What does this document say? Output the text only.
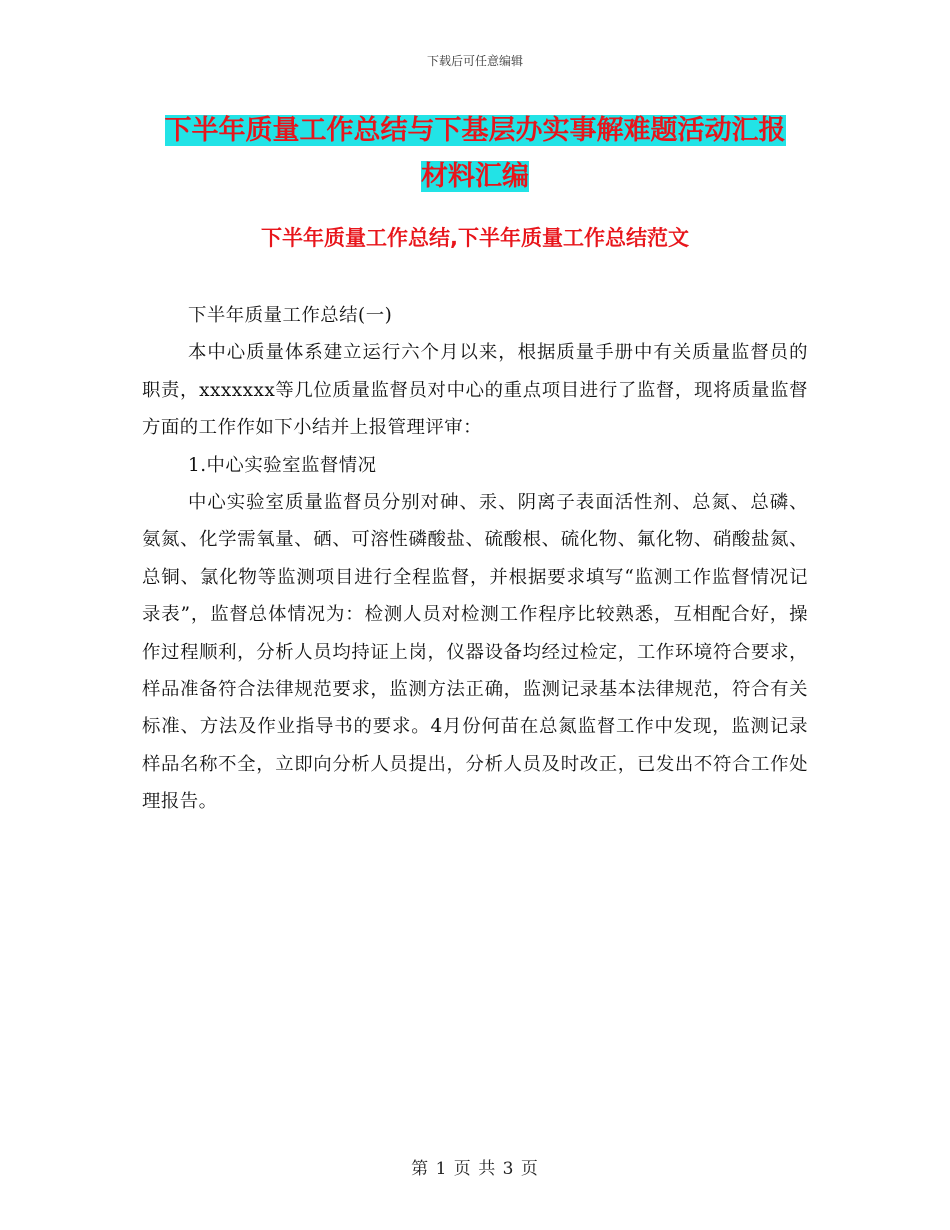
下载后可任意编辑
下半年质量工作总结与下基层办实事解难题活动汇报
材料汇编
下半年质量工作总结,下半年质量工作总结范文

下半年质量工作总结(一)

本中心质量体系建立运行六个月以来，根据质量手册中有关质量监督员的职责，xxxxxxx等几位质量监督员对中心的重点项目进行了监督，现将质量监督方面的工作作如下小结并上报管理评审：

1.中心实验室监督情况

中心实验室质量监督员分别对砷、汞、阴离子表面活性剂、总氮、总磷、氨氮、化学需氧量、硒、可溶性磷酸盐、硫酸根、硫化物、氟化物、硝酸盐氮、总铜、氯化物等监测项目进行全程监督，并根据要求填写“监测工作监督情况记录表”，监督总体情况为：检测人员对检测工作程序比较熟悉，互相配合好，操作过程顺利，分析人员均持证上岗，仪器设备均经过检定，工作环境符合要求，样品准备符合法律规范要求，监测方法正确，监测记录基本法律规范，符合有关标准、方法及作业指导书的要求。4月份何苗在总氮监督工作中发现，监测记录样品名称不全，立即向分析人员提出，分析人员及时改正，已发出不符合工作处理报告。

第 1 页 共 3 页
